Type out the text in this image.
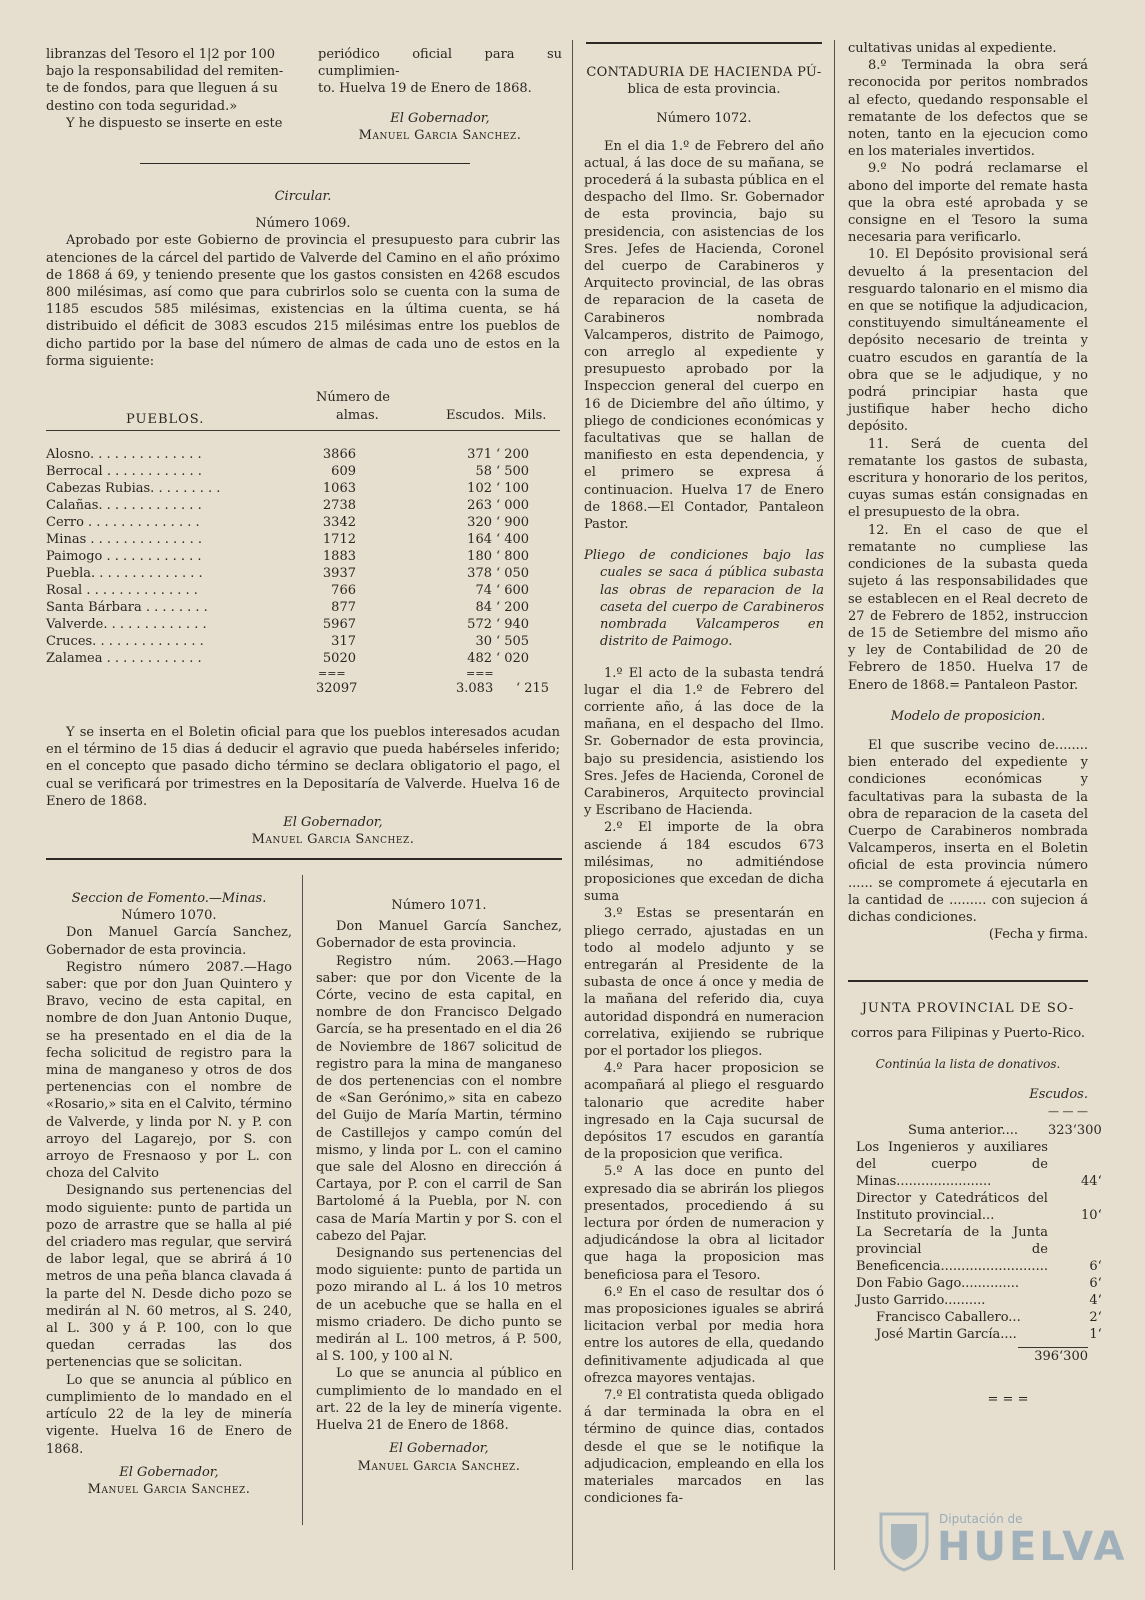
libranzas del Tesoro el 1|2 por 100

bajo la responsabilidad del remiten-

te de fondos, para que lleguen á su

destino con toda seguridad.»

Y he dispuesto se inserte en este

periódico oficial para su cumplimien-

to. Huelva 19 de Enero de 1868.

El Gobernador,

Manuel Garcia Sanchez.

Circular.

Número 1069.

Aprobado por este Gobierno de provincia el presupuesto para cubrir las atenciones de la cárcel del partido de Valverde del Camino en el año próximo de 1868 á 69, y teniendo presente que los gastos consisten en 4268 escudos 800 milésimas, así como que para cubrirlos solo se cuenta con la suma de 1185 escudos 585 milésimas, existencias en la última cuenta, se há distribuido el déficit de 3083 escudos 215 milésimas entre los pueblos de dicho partido por la base del número de almas de cada uno de estos en la forma siguiente:

Número de
PUEBLOS.	almas.	Escudos. Mils.
Alosno. . . . . . . . . . . . . .	3866	371	‘ 200
Berrocal . . . . . . . . . . . .	609	58	‘ 500
Cabezas Rubias. . . . . . . . .	1063	102	‘ 100
Calañas. . . . . . . . . . . . .	2738	263	‘ 000
Cerro . . . . . . . . . . . . . .	3342	320	‘ 900
Minas . . . . . . . . . . . . . .	1712	164	‘ 400
Paimogo . . . . . . . . . . . .	1883	180	‘ 800
Puebla. . . . . . . . . . . . . .	3937	378	‘ 050
Rosal . . . . . . . . . . . . . .	766	74	‘ 600
Santa Bárbara . . . . . . . .	877	84	‘ 200
Valverde. . . . . . . . . . . . .	5967	572	‘ 940
Cruces. . . . . . . . . . . . . .	317	30	‘ 505
Zalamea . . . . . . . . . . . .	5020	482	‘ 020
===	===
32097	3.083 ‘ 215

Y se inserta en el Boletin oficial para que los pueblos interesados acudan en el término de 15 dias á deducir el agravio que pueda habérseles inferido; en el concepto que pasado dicho término se declara obligatorio el pago, el cual se verificará por trimestres en la Depositaría de Valverde. Huelva 16 de Enero de 1868.

El Gobernador,

Manuel Garcia Sanchez.

Seccion de Fomento.—Minas.

Número 1070.

Don Manuel García Sanchez, Gobernador de esta provincia.

Registro número 2087.—Hago saber: que por don Juan Quintero y Bravo, vecino de esta capital, en nombre de don Juan Antonio Duque, se ha presentado en el dia de la fecha solicitud de registro para la mina de manganeso y otros de dos pertenencias con el nombre de «Rosario,» sita en el Calvito, término de Valverde, y linda por N. y P. con arroyo del Lagarejo, por S. con arroyo de Fresnaoso y por L. con choza del Calvito

Designando sus pertenencias del modo siguiente: punto de partida un pozo de arrastre que se halla al pié del criadero mas regular, que servirá de labor legal, que se abrirá á 10 metros de una peña blanca clavada á la parte del N. Desde dicho pozo se medirán al N. 60 metros, al S. 240, al L. 300 y á P. 100, con lo que quedan cerradas las dos pertenencias que se solicitan.

Lo que se anuncia al público en cumplimiento de lo mandado en el artículo 22 de la ley de minería vigente. Huelva 16 de Enero de 1868.

El Gobernador,

Manuel Garcia Sanchez.

Número 1071.

Don Manuel García Sanchez, Gobernador de esta provincia.

Registro núm. 2063.—Hago saber: que por don Vicente de la Córte, vecino de esta capital, en nombre de don Francisco Delgado García, se ha presentado en el dia 26 de Noviembre de 1867 solicitud de registro para la mina de manganeso de dos pertenencias con el nombre de «San Gerónimo,» sita en cabezo del Guijo de María Martin, término de Castillejos y campo común del mismo, y linda por L. con el camino que sale del Alosno en dirección á Cartaya, por P. con el carril de San Bartolomé á la Puebla, por N. con casa de María Martin y por S. con el cabezo del Pajar.

Designando sus pertenencias del modo siguiente: punto de partida un pozo mirando al L. á los 10 metros de un acebuche que se halla en el mismo criadero. De dicho punto se medirán al L. 100 metros, á P. 500, al S. 100, y 100 al N.

Lo que se anuncia al público en cumplimiento de lo mandado en el art. 22 de la ley de minería vigente. Huelva 21 de Enero de 1868.

El Gobernador,

Manuel Garcia Sanchez.

CONTADURIA DE HACIENDA PÚ-

blica de esta provincia.

Número 1072.

En el dia 1.º de Febrero del año actual, á las doce de su mañana, se procederá á la subasta pública en el despacho del Ilmo. Sr. Gobernador de esta provincia, bajo su presidencia, con asistencias de los Sres. Jefes de Hacienda, Coronel del cuerpo de Carabineros y Arquitecto provincial, de las obras de reparacion de la caseta de Carabineros nombrada Valcamperos, distrito de Paimogo, con arreglo al expediente y presupuesto aprobado por la Inspeccion general del cuerpo en 16 de Diciembre del año último, y pliego de condiciones económicas y facultativas que se hallan de manifiesto en esta dependencia, y el primero se expresa á continuacion. Huelva 17 de Enero de 1868.—El Contador, Pantaleon Pastor.

Pliego de condiciones bajo las cuales se saca á pública subasta las obras de reparacion de la caseta del cuerpo de Carabineros nombrada Valcamperos en distrito de Paimogo.

1.º El acto de la subasta tendrá lugar el dia 1.º de Febrero del corriente año, á las doce de la mañana, en el despacho del Ilmo. Sr. Gobernador de esta provincia, bajo su presidencia, asistiendo los Sres. Jefes de Hacienda, Coronel de Carabineros, Arquitecto provincial y Escribano de Hacienda.

2.º El importe de la obra asciende á 184 escudos 673 milésimas, no admitiéndose proposiciones que excedan de dicha suma

3.º Estas se presentarán en pliego cerrado, ajustadas en un todo al modelo adjunto y se entregarán al Presidente de la subasta de once á once y media de la mañana del referido dia, cuya autoridad dispondrá en numeracion correlativa, exijiendo se rubrique por el portador los pliegos.

4.º Para hacer proposicion se acompañará al pliego el resguardo talonario que acredite haber ingresado en la Caja sucursal de depósitos 17 escudos en garantía de la proposicion que verifica.

5.º A las doce en punto del expresado dia se abrirán los pliegos presentados, procediendo á su lectura por órden de numeracion y adjudicándose la obra al licitador que haga la proposicion mas beneficiosa para el Tesoro.

6.º En el caso de resultar dos ó mas proposiciones iguales se abrirá licitacion verbal por media hora entre los autores de ella, quedando definitivamente adjudicada al que ofrezca mayores ventajas.

7.º El contratista queda obligado á dar terminada la obra en el término de quince dias, contados desde el que se le notifique la adjudicacion, empleando en ella los materiales marcados en las condiciones fa-

cultativas unidas al expediente.

8.º Terminada la obra será reconocida por peritos nombrados al efecto, quedando responsable el rematante de los defectos que se noten, tanto en la ejecucion como en los materiales invertidos.

9.º No podrá reclamarse el abono del importe del remate hasta que la obra esté aprobada y se consigne en el Tesoro la suma necesaria para verificarlo.

10. El Depósito provisional será devuelto á la presentacion del resguardo talonario en el mismo dia en que se notifique la adjudicacion, constituyendo simultáneamente el depósito necesario de treinta y cuatro escudos en garantía de la obra que se le adjudique, y no podrá principiar hasta que justifique haber hecho dicho depósito.

11. Será de cuenta del rematante los gastos de subasta, escritura y honorario de los peritos, cuyas sumas están consignadas en el presupuesto de la obra.

12. En el caso de que el rematante no cumpliese las condiciones de la subasta queda sujeto á las responsabilidades que se establecen en el Real decreto de 27 de Febrero de 1852, instruccion de 15 de Setiembre del mismo año y ley de Contabilidad de 20 de Febrero de 1850. Huelva 17 de Enero de 1868.= Pantaleon Pastor.

Modelo de proposicion.

El que suscribe vecino de........ bien enterado del expediente y condiciones económicas y facultativas para la subasta de la obra de reparacion de la caseta del Cuerpo de Carabineros nombrada Valcamperos, inserta en el Boletin oficial de esta provincia número ...... se compromete á ejecutarla en la cantidad de ......... con sujecion á dichas condiciones.

(Fecha y firma.

JUNTA PROVINCIAL DE SO-

corros para Filipinas y Puerto-Rico.

Continúa la lista de donativos.

Escudos.

— — —

Suma anterior....	323‘300
Los Ingenieros y auxiliares del cuerpo de Minas.......................	44‘
Director y Catedráticos del Instituto provincial...	10‘
La Secretaría de la Junta provincial de Beneficencia..........................	6‘
Don Fabio Gago..............	6‘
Justo Garrido..........	4‘
Francisco Caballero...	2‘
José Martin García....	1‘

396‘300

= = =

Diputación de
HUELVA
